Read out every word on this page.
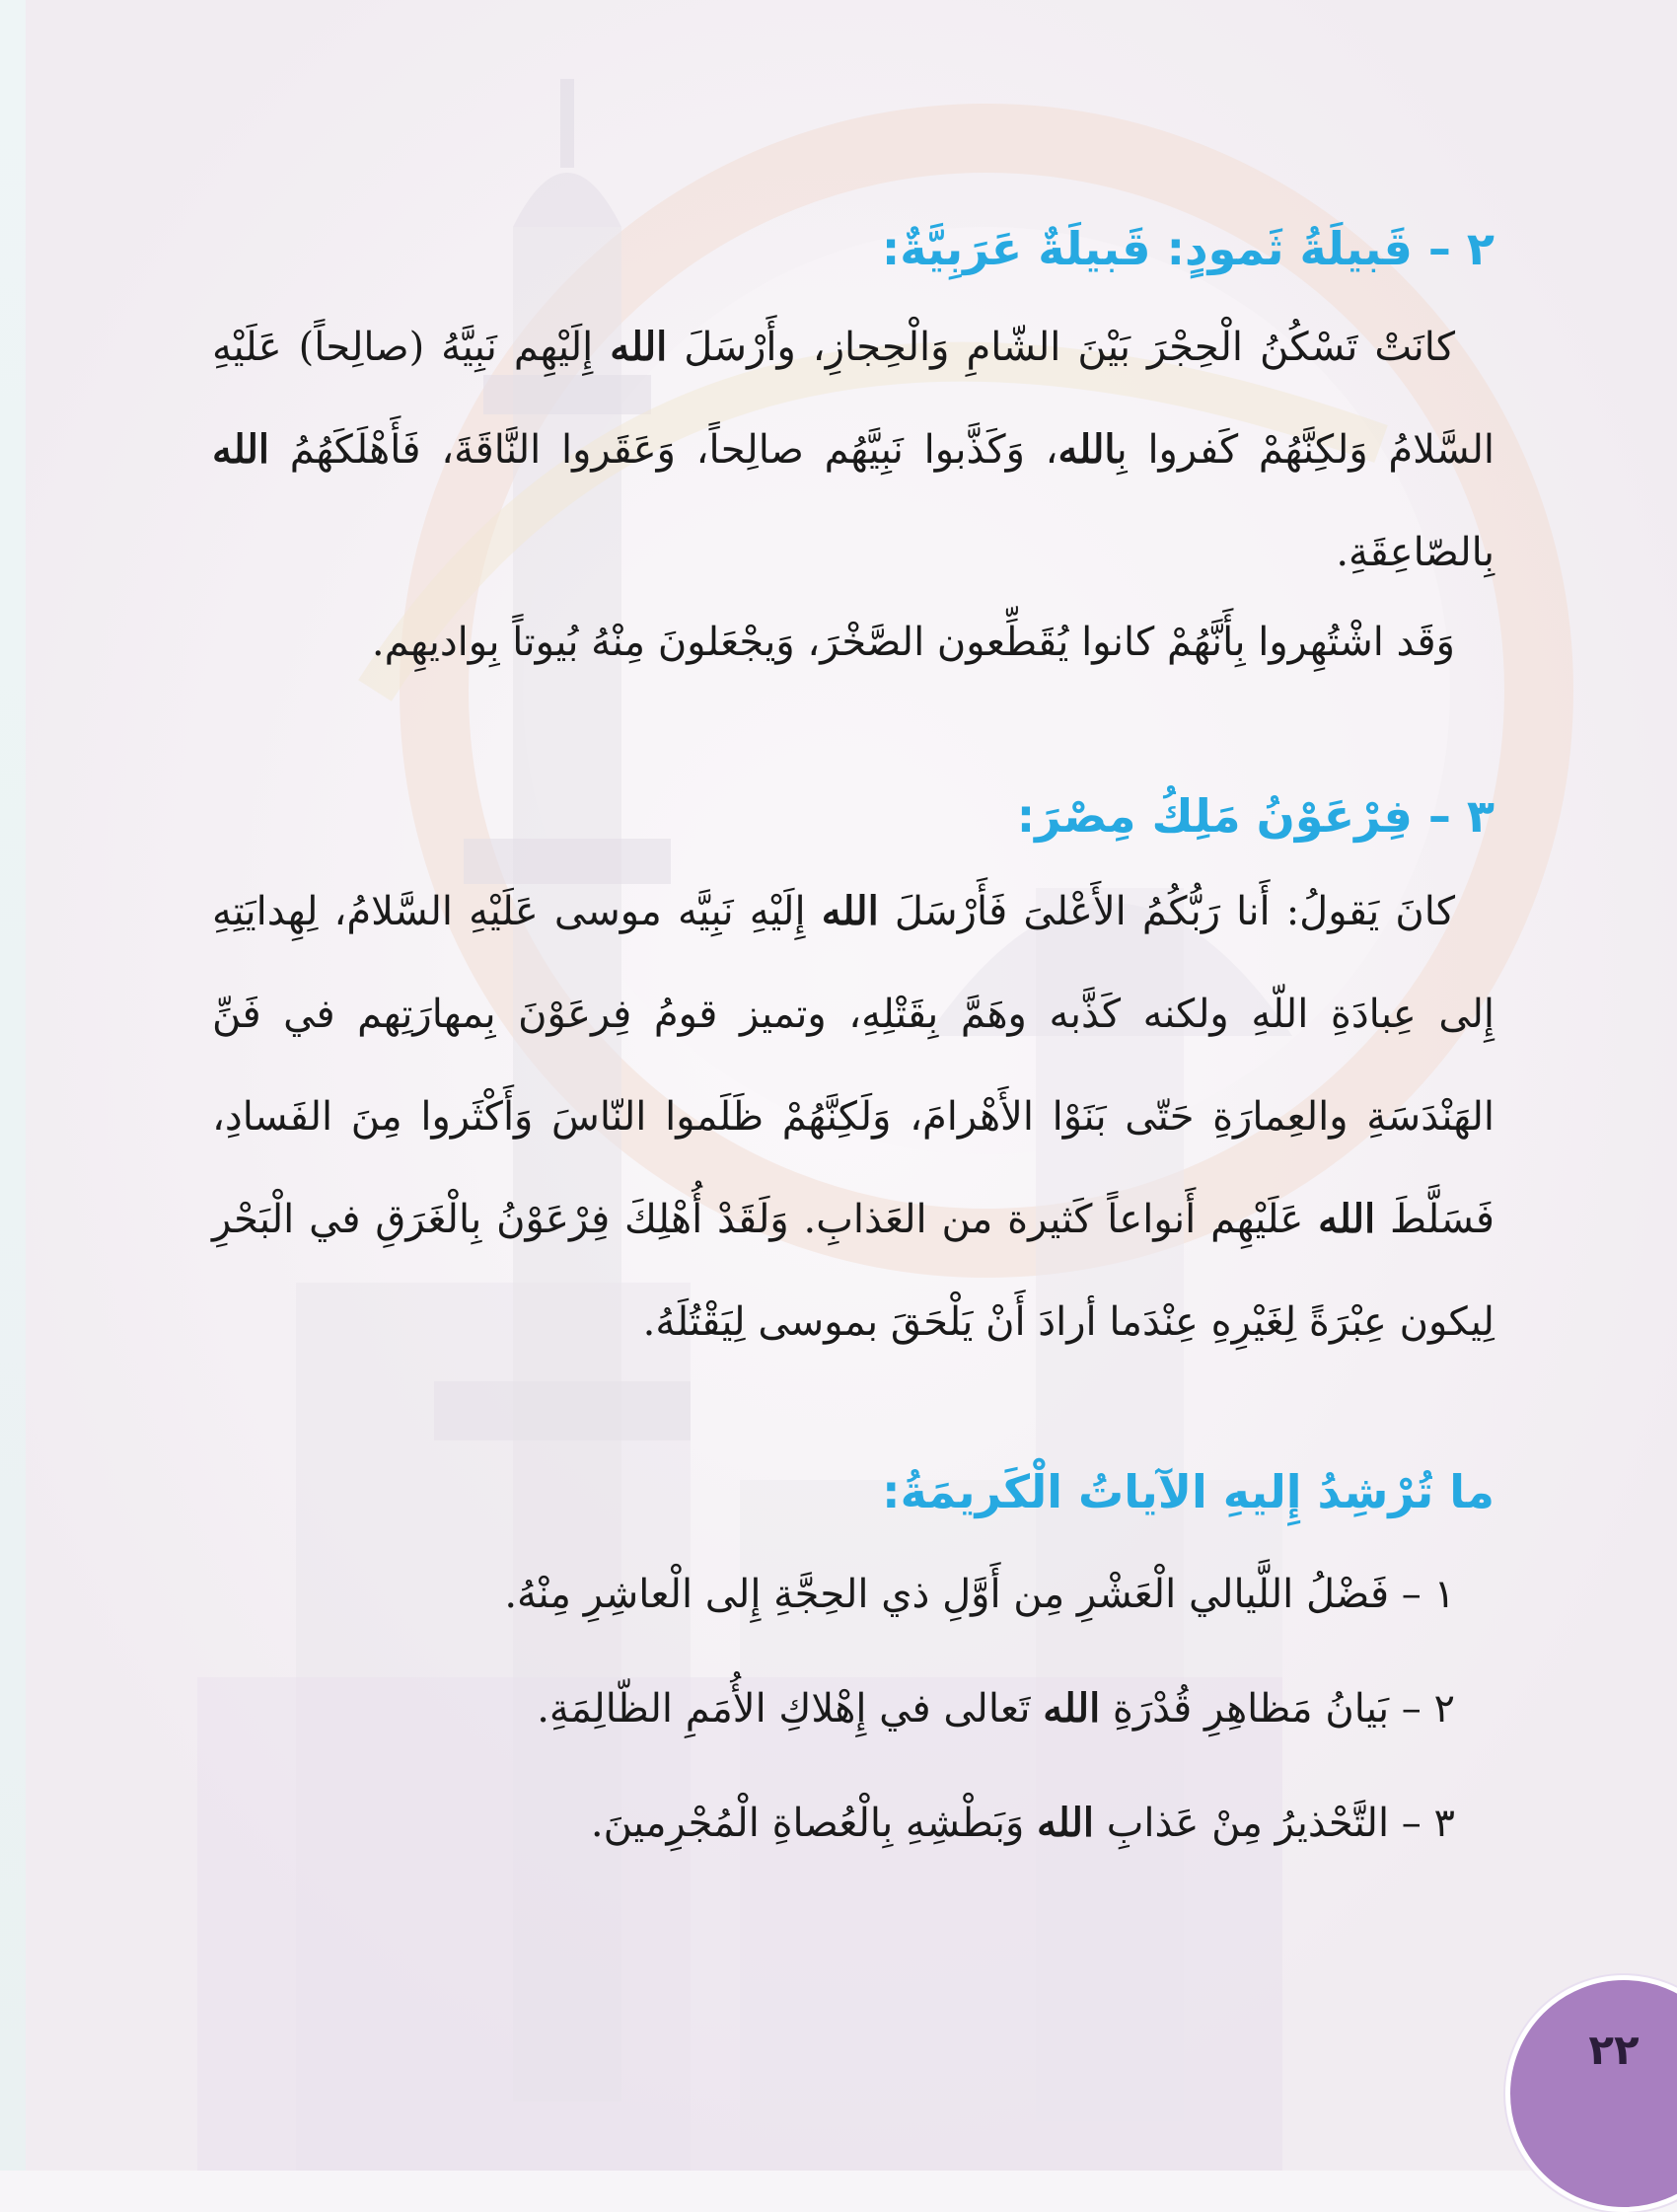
٢ – قَبيلَةُ ثَمودٍ: قَبيلَةٌ عَرَبِيَّةٌ:

كانَتْ تَسْكُنُ الْحِجْرَ بَيْنَ الشّامِ وَالْحِجازِ، وأَرْسَلَ الله إِلَيْهِم نَبِيَّهُ (صالِحاً) عَلَيْهِ السَّلامُ وَلكِنَّهُمْ كَفروا بِالله، وَكَذَّبوا نَبِيَّهُم صالِحاً، وَعَقَروا النَّاقَةَ، فَأَهْلَكَهُمُ الله بِالصّاعِقَةِ.

وَقَد اشْتُهِروا بِأَنَّهُمْ كانوا يُقَطِّعون الصَّخْرَ، وَيجْعَلونَ مِنْهُ بُيوتاً بِواديهِم.

٣ – فِرْعَوْنُ مَلِكُ مِصْرَ:

كانَ يَقولُ: أَنا رَبُّكُمُ الأَعْلىَ فَأَرْسَلَ الله إِلَيْهِ نَبِيَّه موسى عَلَيْهِ السَّلامُ، لِهِدايَتِهِ إِلى عِبادَةِ اللّهِ ولكنه كَذَّبه وهَمَّ بِقَتْلِهِ، وتميز قومُ فِرعَوْنَ بِمهارَتِهم في فَنِّ الهَنْدَسَةِ والعِمارَةِ حَتّى بَنَوْا الأَهْرامَ، وَلَكِنَّهُمْ ظَلَموا النّاسَ وَأَكْثَروا مِنَ الفَسادِ، فَسَلَّطَ الله عَلَيْهِم أَنواعاً كَثيرة من العَذابِ. وَلَقَدْ أُهْلِكَ فِرْعَوْنُ بِالْغَرَقِ في الْبَحْرِ لِيكون عِبْرَةً لِغَيْرِهِ عِنْدَما أرادَ أَنْ يَلْحَقَ بموسى لِيَقْتُلَهُ.

ما تُرْشِدُ إِليهِ الآياتُ الْكَريمَةُ:
١ – فَضْلُ اللَّيالي الْعَشْرِ مِن أَوَّلِ ذي الحِجَّةِ إِلى الْعاشِرِ مِنْهُ.
٢ – بَيانُ مَظاهِرِ قُدْرَةِ الله تَعالى في إِهْلاكِ الأُمَمِ الظّالِمَةِ.
٣ – التَّحْذيرُ مِنْ عَذابِ الله وَبَطْشِهِ بِالْعُصاةِ الْمُجْرِمينَ.
٢٢
